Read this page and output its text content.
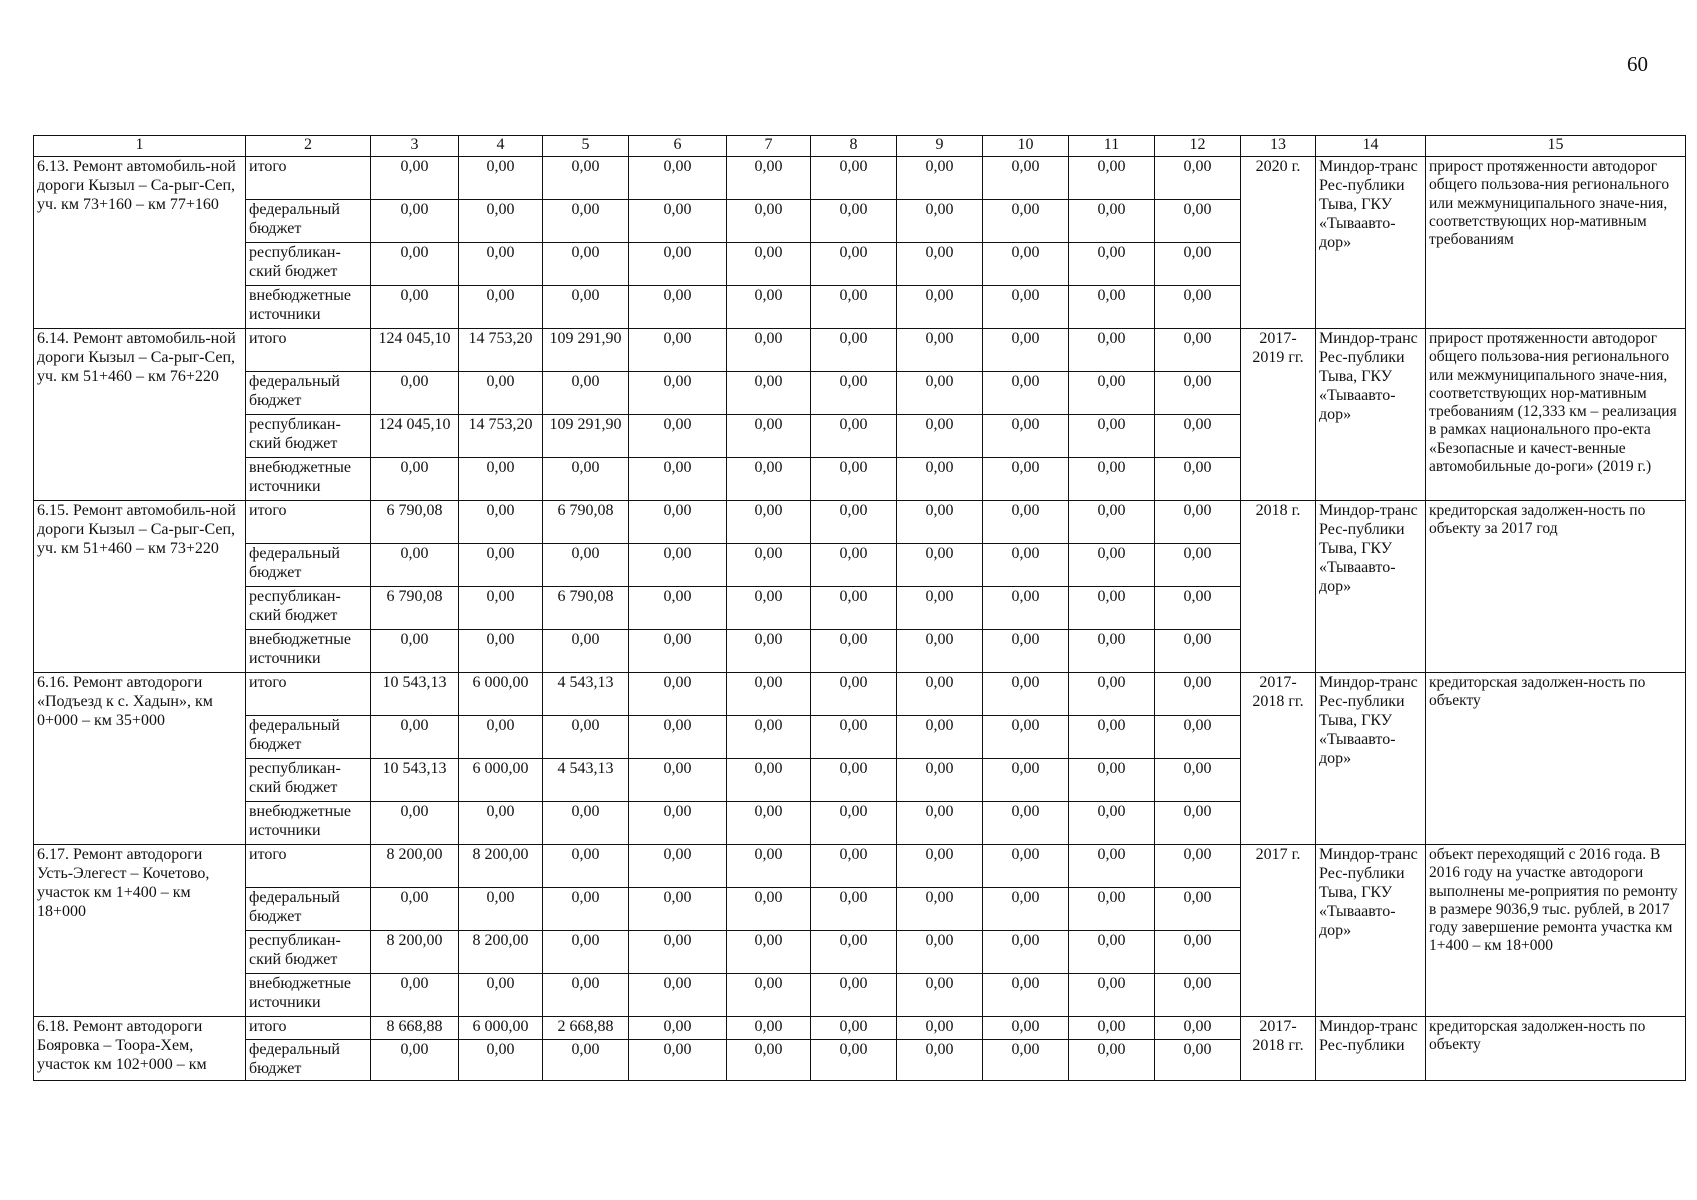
60
1	2	3	4	5	6	7	8	9	10	11	12	13	14	15
6.13. Ремонт автомобиль-ной дороги Кызыл – Са-рыг-Сеп, уч. км 73+160 – км 77+160	итого	0,00	0,00	0,00	0,00	0,00	0,00	0,00	0,00	0,00	0,00	2020 г.	Миндор-транс Рес-публики Тыва, ГКУ «Тываавто-дор»	прирост протяженности автодорог общего пользова-ния регионального или межмуниципального значе-ния, соответствующих нор-мативным требованиям
	федеральный бюджет	0,00	0,00	0,00	0,00	0,00	0,00	0,00	0,00	0,00	0,00			
	республикан-ский бюджет	0,00	0,00	0,00	0,00	0,00	0,00	0,00	0,00	0,00	0,00			
	внебюджетные источники	0,00	0,00	0,00	0,00	0,00	0,00	0,00	0,00	0,00	0,00			
6.14. Ремонт автомобиль-ной дороги Кызыл – Са-рыг-Сеп, уч. км 51+460 – км 76+220	итого	124 045,10	14 753,20	109 291,90	0,00	0,00	0,00	0,00	0,00	0,00	0,00	2017-2019 гг.	Миндор-транс Рес-публики Тыва, ГКУ «Тываавто-дор»	прирост протяженности автодорог общего пользова-ния регионального или межмуниципального значе-ния, соответствующих нор-мативным требованиям (12,333 км – реализация в рамках национального про-екта «Безопасные и качест-венные автомобильные до-роги» (2019 г.)
	федеральный бюджет	0,00	0,00	0,00	0,00	0,00	0,00	0,00	0,00	0,00	0,00			
	республикан-ский бюджет	124 045,10	14 753,20	109 291,90	0,00	0,00	0,00	0,00	0,00	0,00	0,00			
	внебюджетные источники	0,00	0,00	0,00	0,00	0,00	0,00	0,00	0,00	0,00	0,00			
6.15. Ремонт автомобиль-ной дороги Кызыл – Са-рыг-Сеп, уч. км 51+460 – км 73+220	итого	6 790,08	0,00	6 790,08	0,00	0,00	0,00	0,00	0,00	0,00	0,00	2018 г.	Миндор-транс Рес-публики Тыва, ГКУ «Тываавто-дор»	кредиторская задолжен-ность по объекту за 2017 год
	федеральный бюджет	0,00	0,00	0,00	0,00	0,00	0,00	0,00	0,00	0,00	0,00			
	республикан-ский бюджет	6 790,08	0,00	6 790,08	0,00	0,00	0,00	0,00	0,00	0,00	0,00			
	внебюджетные источники	0,00	0,00	0,00	0,00	0,00	0,00	0,00	0,00	0,00	0,00			
6.16. Ремонт автодороги «Подъезд к с. Хадын», км 0+000 – км 35+000	итого	10 543,13	6 000,00	4 543,13	0,00	0,00	0,00	0,00	0,00	0,00	0,00	2017-2018 гг.	Миндор-транс Рес-публики Тыва, ГКУ «Тываавто-дор»	кредиторская задолжен-ность по объекту
	федеральный бюджет	0,00	0,00	0,00	0,00	0,00	0,00	0,00	0,00	0,00	0,00			
	республикан-ский бюджет	10 543,13	6 000,00	4 543,13	0,00	0,00	0,00	0,00	0,00	0,00	0,00			
	внебюджетные источники	0,00	0,00	0,00	0,00	0,00	0,00	0,00	0,00	0,00	0,00			
6.17. Ремонт автодороги Усть-Элегест – Кочетово, участок км 1+400 – км 18+000	итого	8 200,00	8 200,00	0,00	0,00	0,00	0,00	0,00	0,00	0,00	0,00	2017 г.	Миндор-транс Рес-публики Тыва, ГКУ «Тываавто-дор»	объект переходящий с 2016 года. В 2016 году на участке автодороги выполнены ме-роприятия по ремонту в размере 9036,9 тыс. рублей, в 2017 году завершение ремонта участка км 1+400 – км 18+000
	федеральный бюджет	0,00	0,00	0,00	0,00	0,00	0,00	0,00	0,00	0,00	0,00			
	республикан-ский бюджет	8 200,00	8 200,00	0,00	0,00	0,00	0,00	0,00	0,00	0,00	0,00			
	внебюджетные источники	0,00	0,00	0,00	0,00	0,00	0,00	0,00	0,00	0,00	0,00			
6.18. Ремонт автодороги Бояровка – Тоора-Хем, участок км 102+000 – км	итого	8 668,88	6 000,00	2 668,88	0,00	0,00	0,00	0,00	0,00	0,00	0,00	2017-2018 гг.	Миндор-транс Рес-публики	кредиторская задолжен-ность по объекту
	федеральный бюджет	0,00	0,00	0,00	0,00	0,00	0,00	0,00	0,00	0,00	0,00			
